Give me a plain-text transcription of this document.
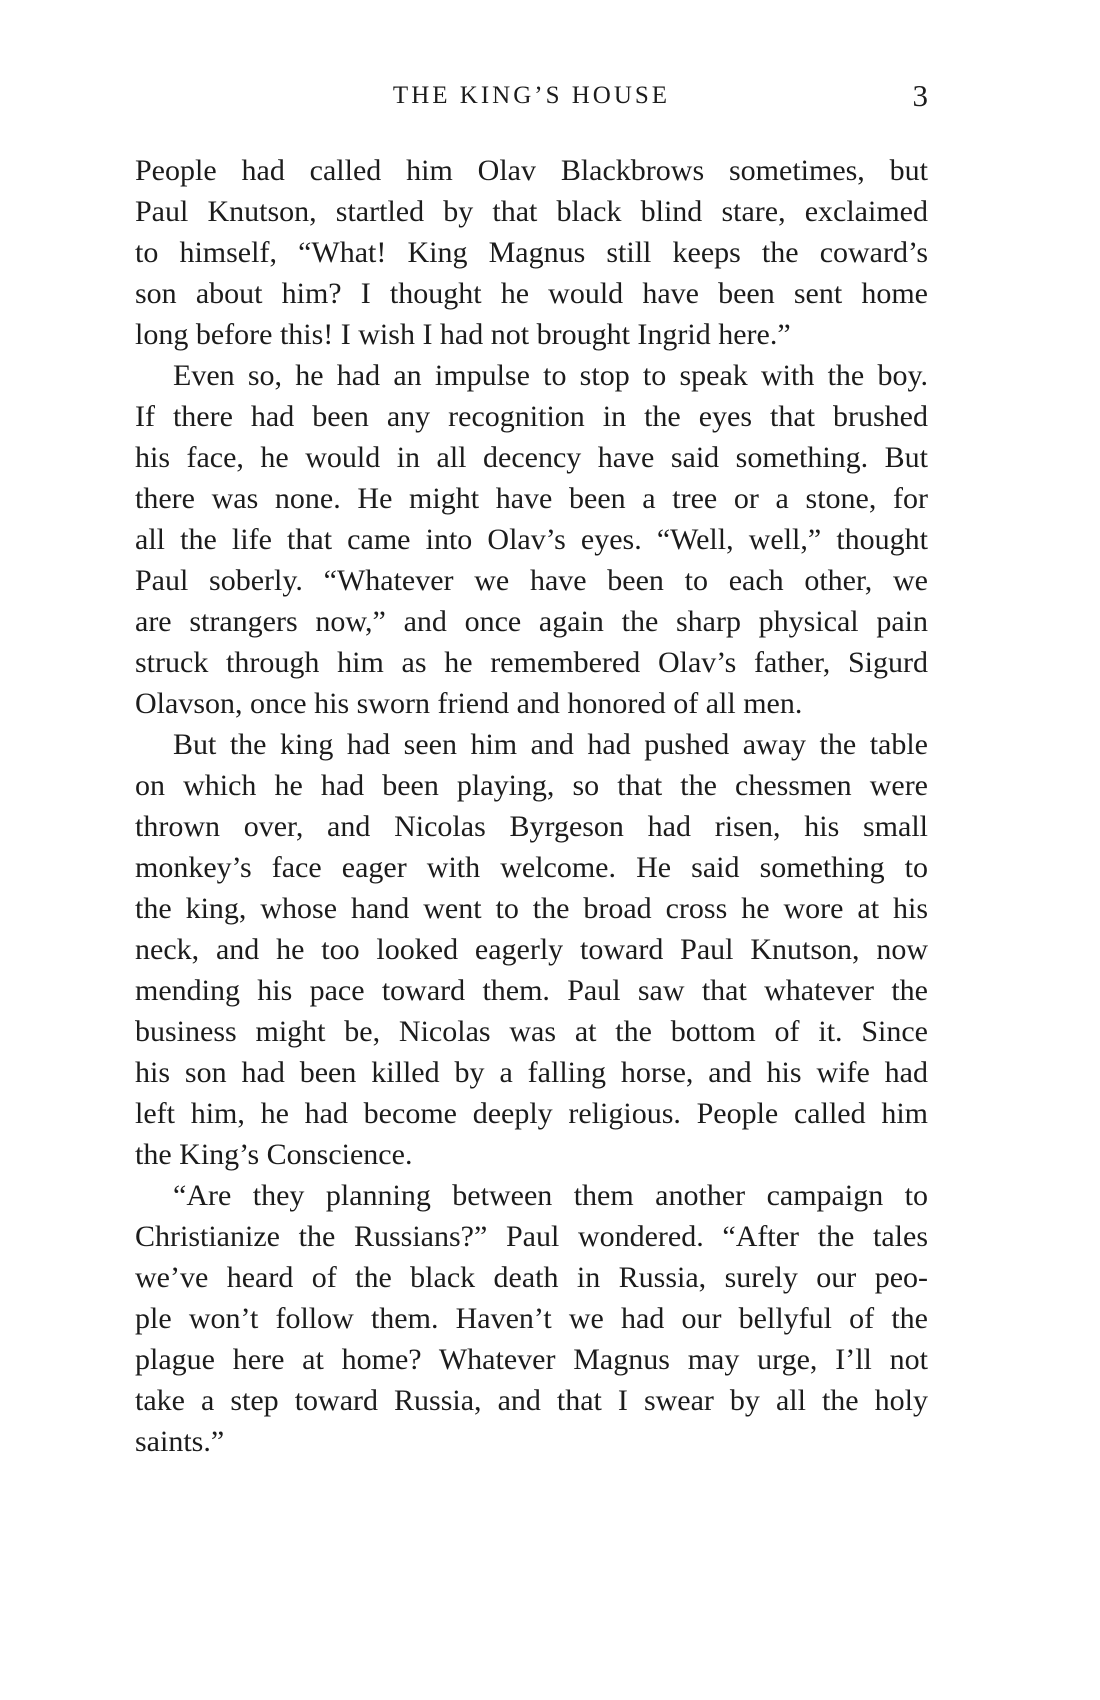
THE KING’S HOUSE	3
People had called him Olav Blackbrows sometimes, but
Paul Knutson, startled by that black blind stare, exclaimed
to himself, “What! King Magnus still keeps the coward’s
son about him? I thought he would have been sent home
long before this! I wish I had not brought Ingrid here.”
Even so, he had an impulse to stop to speak with the boy.
If there had been any recognition in the eyes that brushed
his face, he would in all decency have said something. But
there was none. He might have been a tree or a stone, for
all the life that came into Olav’s eyes. “Well, well,” thought
Paul soberly. “Whatever we have been to each other, we
are strangers now,” and once again the sharp physical pain
struck through him as he remembered Olav’s father, Sigurd
Olavson, once his sworn friend and honored of all men.
But the king had seen him and had pushed away the table
on which he had been playing, so that the chessmen were
thrown over, and Nicolas Byrgeson had risen, his small
monkey’s face eager with welcome. He said something to
the king, whose hand went to the broad cross he wore at his
neck, and he too looked eagerly toward Paul Knutson, now
mending his pace toward them. Paul saw that whatever the
business might be, Nicolas was at the bottom of it. Since
his son had been killed by a falling horse, and his wife had
left him, he had become deeply religious. People called him
the King’s Conscience.
“Are they planning between them another campaign to
Christianize the Russians?” Paul wondered. “After the tales
we’ve heard of the black death in Russia, surely our peo-
ple won’t follow them. Haven’t we had our bellyful of the
plague here at home? Whatever Magnus may urge, I’ll not
take a step toward Russia, and that I swear by all the holy
saints.”
